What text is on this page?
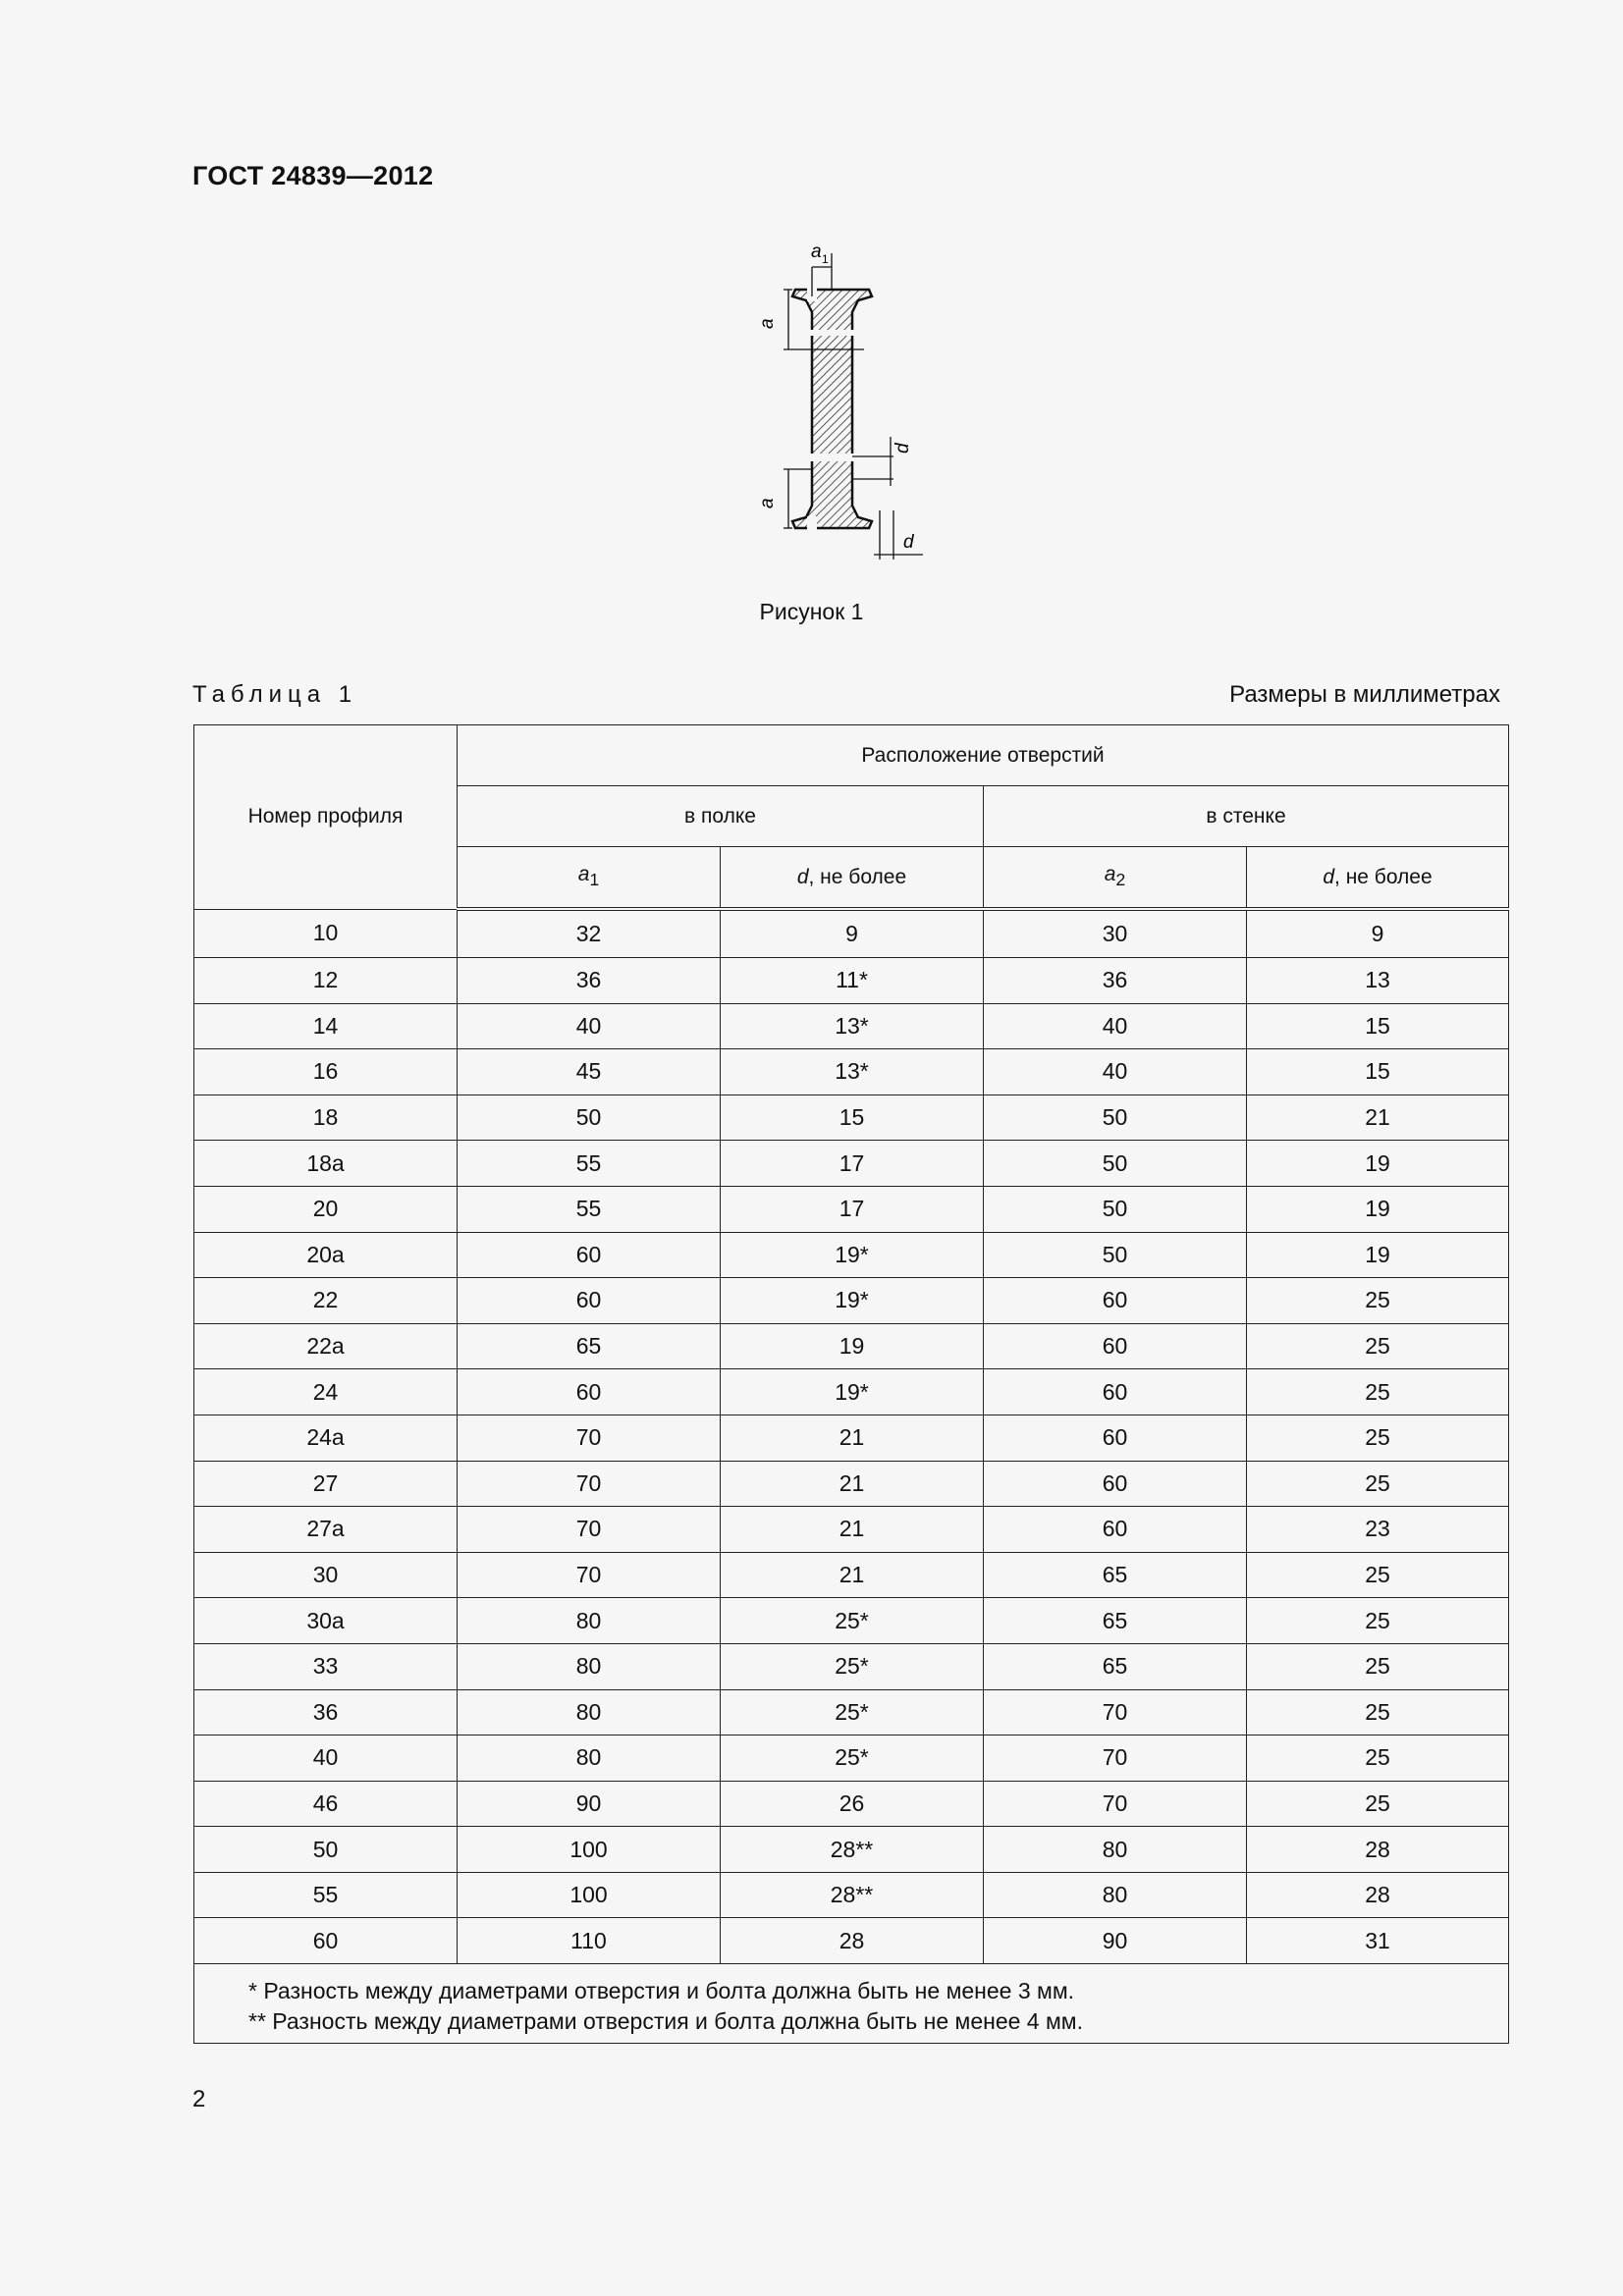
ГОСТ 24839—2012
a 1
a
d
a
d
Рисунок 1
Таблица 1	Размеры в миллиметрах
Номер профиля	Расположение отверстий			
	в полке		в стенке	
	$a_1$	d, не более	$a_2$	d, не более
10	32	9	30	9
12	36	11*	36	13
14	40	13*	40	15
16	45	13*	40	15
18	50	15	50	21
18а	55	17	50	19
20	55	17	50	19
20а	60	19*	50	19
22	60	19*	60	25
22а	65	19	60	25
24	60	19*	60	25
24а	70	21	60	25
27	70	21	60	25
27а	70	21	60	23
30	70	21	65	25
30а	80	25*	65	25
33	80	25*	65	25
36	80	25*	70	25
40	80	25*	70	25
46	90	26	70	25
50	100	28**	80	28
55	100	28**	80	28
60	110	28	90	31

* Разность между диаметрами отверстия и болта должна быть не менее 3 мм.
** Разность между диаметрами отверстия и болта должна быть не менее 4 мм.				
2
